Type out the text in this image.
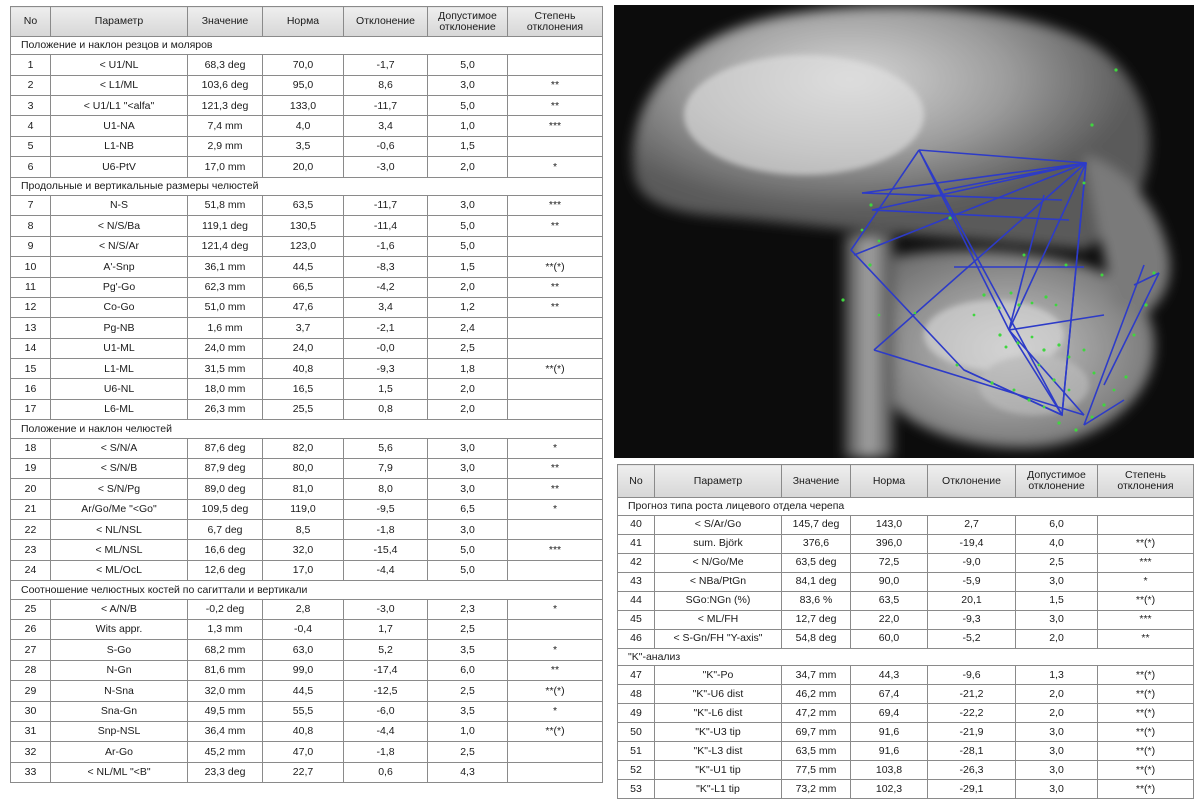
No	Параметр	Значение	Норма	Отклонение	Допустимое отклонение	Степень отклонения
Положение и наклон резцов и моляров						
1	< U1/NL	68,3 deg	70,0	-1,7	5,0	
2	< L1/ML	103,6 deg	95,0	8,6	3,0	**
3	< U1/L1 "<alfa"	121,3 deg	133,0	-11,7	5,0	**
4	U1-NA	7,4 mm	4,0	3,4	1,0	***
5	L1-NB	2,9 mm	3,5	-0,6	1,5	
6	U6-PtV	17,0 mm	20,0	-3,0	2,0	*
Продольные и вертикальные размеры челюстей						
7	N-S	51,8 mm	63,5	-11,7	3,0	***
8	< N/S/Ba	119,1 deg	130,5	-11,4	5,0	**
9	< N/S/Ar	121,4 deg	123,0	-1,6	5,0	
10	A'-Snp	36,1 mm	44,5	-8,3	1,5	**(*)
11	Pg'-Go	62,3 mm	66,5	-4,2	2,0	**
12	Co-Go	51,0 mm	47,6	3,4	1,2	**
13	Pg-NB	1,6 mm	3,7	-2,1	2,4	
14	U1-ML	24,0 mm	24,0	-0,0	2,5	
15	L1-ML	31,5 mm	40,8	-9,3	1,8	**(*)
16	U6-NL	18,0 mm	16,5	1,5	2,0	
17	L6-ML	26,3 mm	25,5	0,8	2,0	
Положение и наклон челюстей						
18	< S/N/A	87,6 deg	82,0	5,6	3,0	*
19	< S/N/B	87,9 deg	80,0	7,9	3,0	**
20	< S/N/Pg	89,0 deg	81,0	8,0	3,0	**
21	Ar/Go/Me "<Go"	109,5 deg	119,0	-9,5	6,5	*
22	< NL/NSL	6,7 deg	8,5	-1,8	3,0	
23	< ML/NSL	16,6 deg	32,0	-15,4	5,0	***
24	< ML/OcL	12,6 deg	17,0	-4,4	5,0	
Соотношение челюстных костей по сагиттали и вертикали						
25	< A/N/B	-0,2 deg	2,8	-3,0	2,3	*
26	Wits appr.	1,3 mm	-0,4	1,7	2,5	
27	S-Go	68,2 mm	63,0	5,2	3,5	*
28	N-Gn	81,6 mm	99,0	-17,4	6,0	**
29	N-Sna	32,0 mm	44,5	-12,5	2,5	**(*)
30	Sna-Gn	49,5 mm	55,5	-6,0	3,5	*
31	Snp-NSL	36,4 mm	40,8	-4,4	1,0	**(*)
32	Ar-Go	45,2 mm	47,0	-1,8	2,5	
33	< NL/ML "<B"	23,3 deg	22,7	0,6	4,3	
No	Параметр	Значение	Норма	Отклонение	Допустимое отклонение	Степень отклонения
Прогноз типа роста лицевого отдела черепа						
40	< S/Ar/Go	145,7 deg	143,0	2,7	6,0	
41	sum. Björk	376,6	396,0	-19,4	4,0	**(*)
42	< N/Go/Me	63,5 deg	72,5	-9,0	2,5	***
43	< NBa/PtGn	84,1 deg	90,0	-5,9	3,0	*
44	SGo:NGn (%)	83,6 %	63,5	20,1	1,5	**(*)
45	< ML/FH	12,7 deg	22,0	-9,3	3,0	***
46	< S-Gn/FH "Y-axis"	54,8 deg	60,0	-5,2	2,0	**
"K"-анализ						
47	"K"-Po	34,7 mm	44,3	-9,6	1,3	**(*)
48	"K"-U6 dist	46,2 mm	67,4	-21,2	2,0	**(*)
49	"K"-L6 dist	47,2 mm	69,4	-22,2	2,0	**(*)
50	"K"-U3 tip	69,7 mm	91,6	-21,9	3,0	**(*)
51	"K"-L3 dist	63,5 mm	91,6	-28,1	3,0	**(*)
52	"K"-U1 tip	77,5 mm	103,8	-26,3	3,0	**(*)
53	"K"-L1 tip	73,2 mm	102,3	-29,1	3,0	**(*)
